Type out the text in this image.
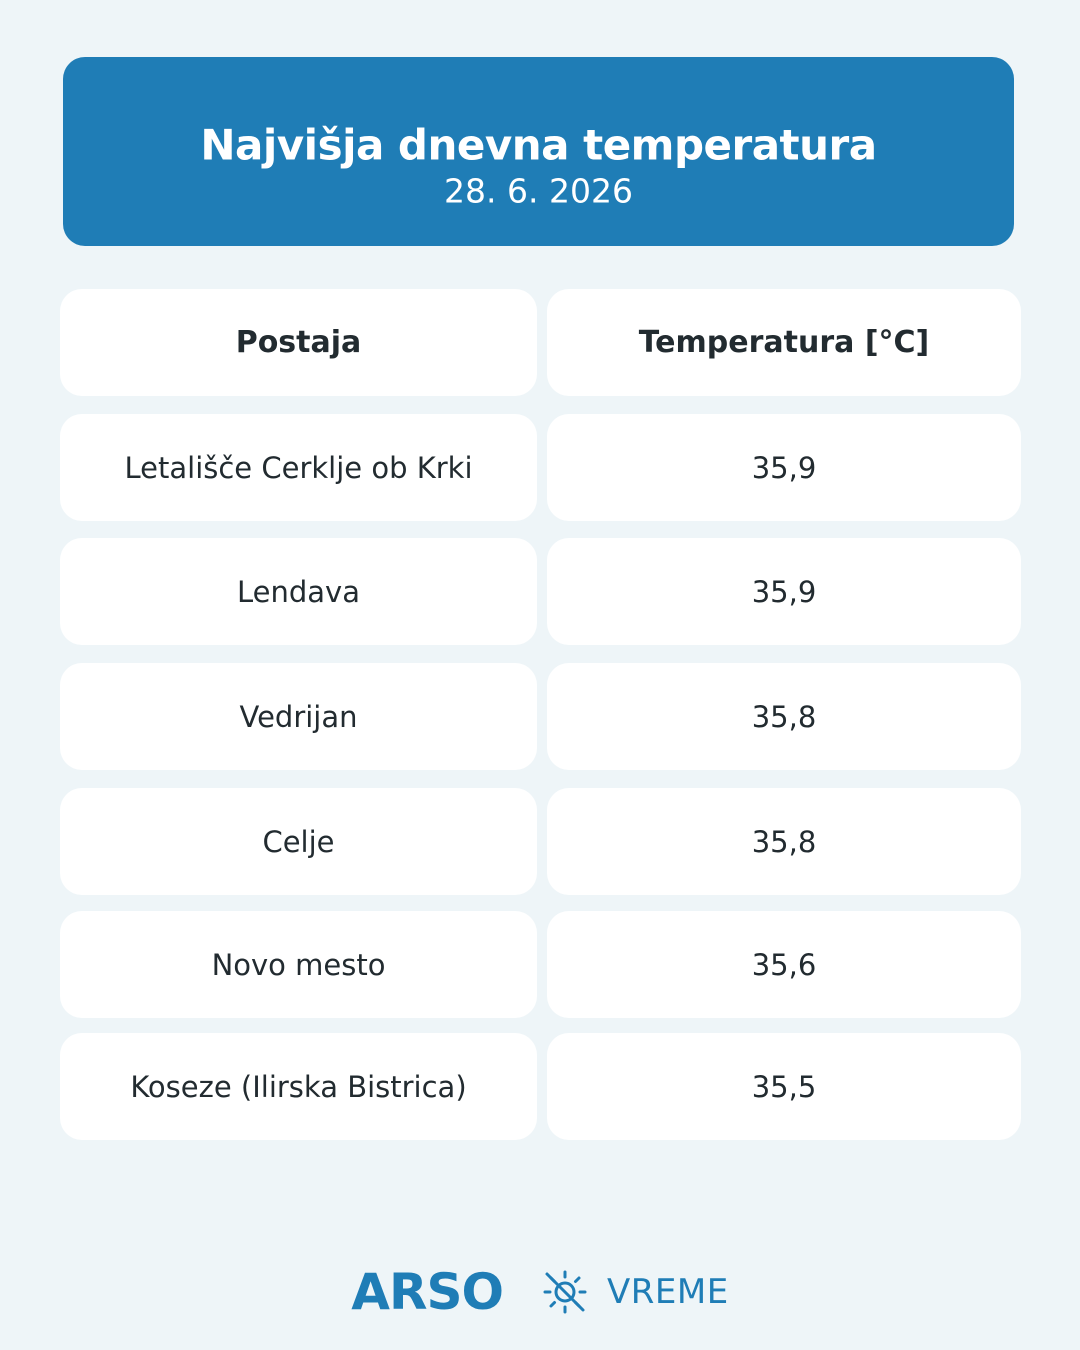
Najvišja dnevna temperatura
28. 6. 2026
Postaja	Temperatura [°C]
Letališče Cerklje ob Krki	35,9
Lendava	35,9
Vedrijan	35,8
Celje	35,8
Novo mesto	35,6
Koseze (Ilirska Bistrica)	35,5
ARSO	VREME
